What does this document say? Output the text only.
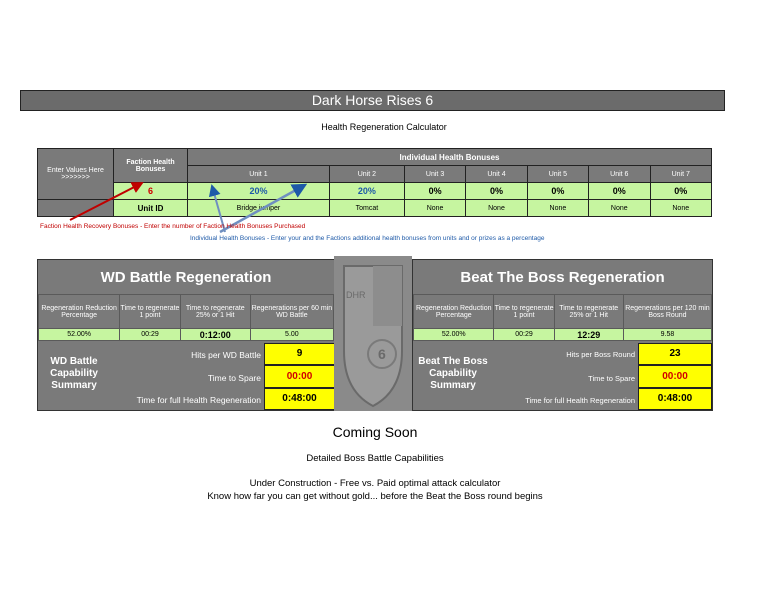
Dark Horse Rises 6
Health Regeneration Calculator
Enter Values Here
>>>>>>>	Faction Health Bonuses	Individual Health Bonuses						
		Unit 1	Unit 2	Unit 3	Unit 4	Unit 5	Unit 6	Unit 7
	6	20%	20%	0%	0%	0%	0%	0%
	Unit ID	Bridge jumper	Tomcat	None	None	None	None	None
Faction Health Recovery Bonuses - Enter the number of Faction Health Bonuses Purchased
Individual Health Bonuses - Enter your and the Factions additional health bonuses from units and or prizes as a percentage
WD Battle Regeneration
Regeneration Reduction Percentage	Time to regenerate 1 point	Time to regenerate 25% or 1 Hit	Regenerations per 60 min WD Battle
52.00%	00:29	0:12:00	5.00
WD Battle Capability Summary
Hits per WD Battle	9
Time to Spare	00:00
Time for full Health Regeneration	0:48:00
DHR
6
Beat The Boss Regeneration
Regeneration Reduction Percentage	Time to regenerate 1 point	Time to regenerate 25% or 1 Hit	Regenerations per 120 min Boss Round
52.00%	00:29	12:29	9.58
Beat The Boss Capability Summary
Hits per Boss Round	23
Time to Spare	00:00
Time for full Health Regeneration	0:48:00
Coming Soon
Detailed Boss Battle Capabilities
Under Construction - Free vs. Paid optimal attack calculator
Know how far you can get without gold... before the Beat the Boss round begins
